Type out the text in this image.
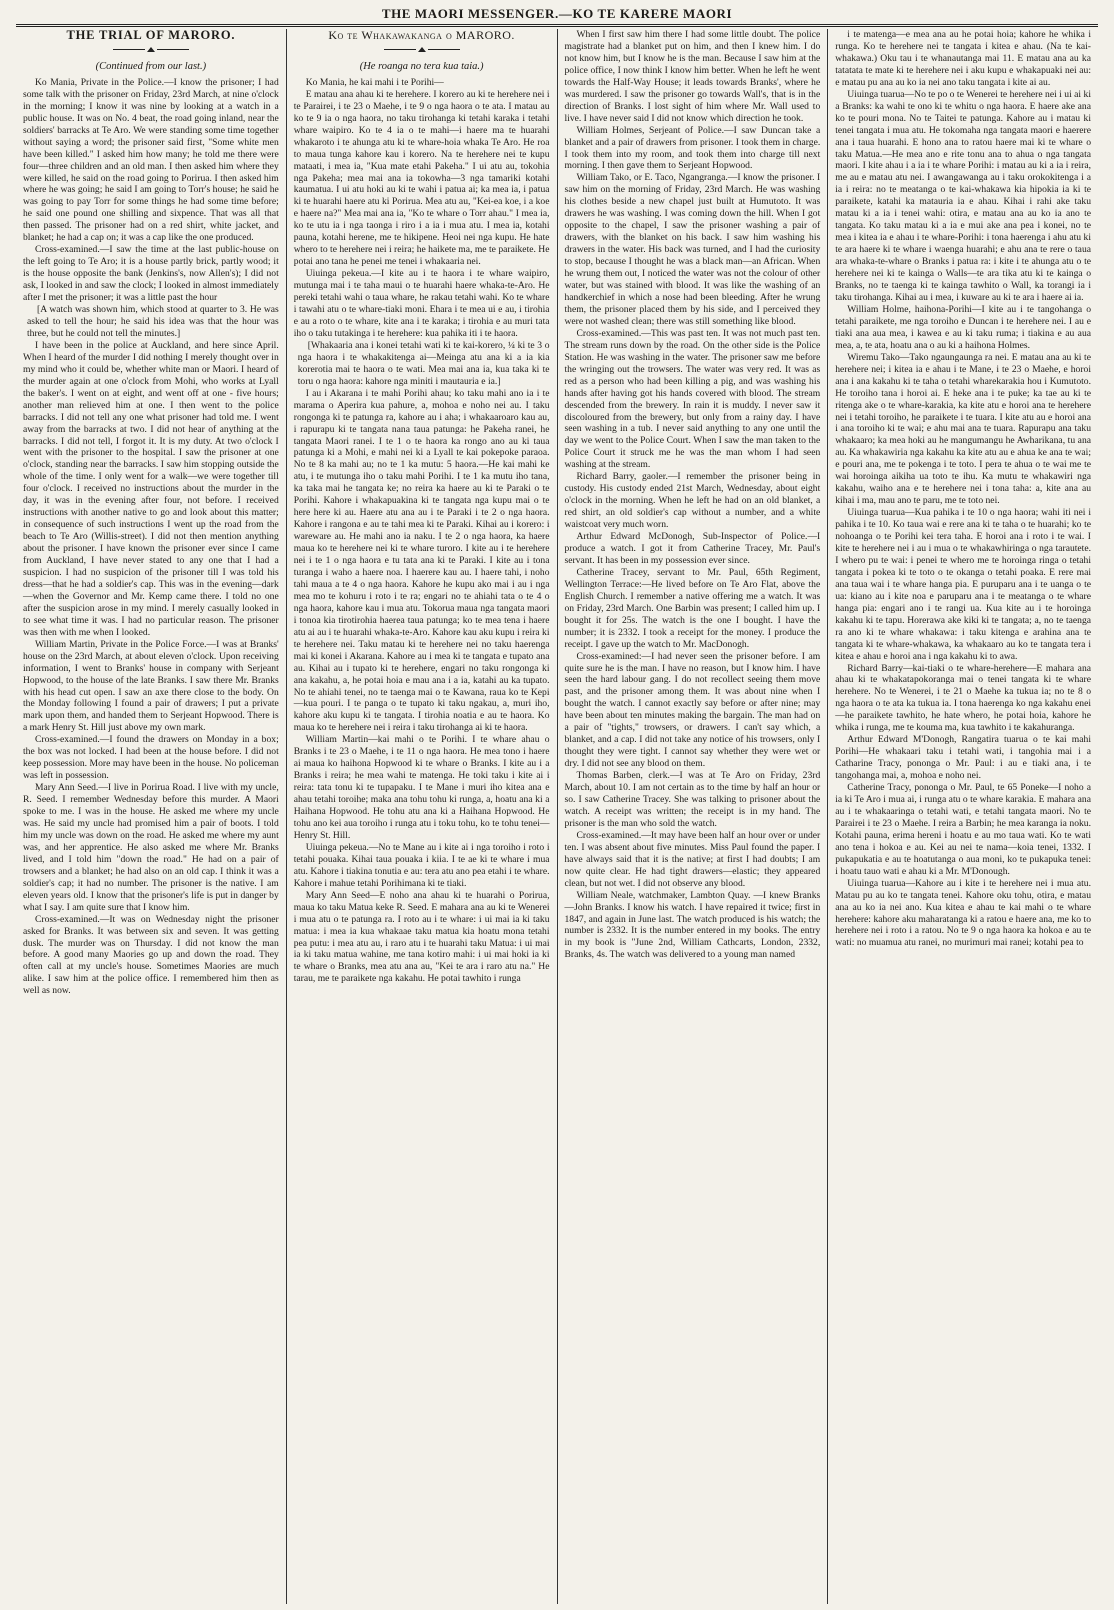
THE MAORI MESSENGER.—KO TE KARERE MAORI
THE TRIAL OF MARORO.
(Continued from our last.)

Ko Mania, Private in the Police.—I know the prisoner; I had some talk with the prisoner on Friday, 23rd March, at nine o'clock in the morning; I know it was nine by looking at a watch in a public house. It was on No. 4 beat, the road going inland, near the soldiers' barracks at Te Aro. We were standing some time together without saying a word; the prisoner said first, "Some white men have been killed." I asked him how many; he told me there were four—three children and an old man. I then asked him where they were killed, he said on the road going to Porirua. I then asked him where he was going; he said I am going to Torr's house; he said he was going to pay Torr for some things he had some time before; he said one pound one shilling and sixpence. That was all that then passed. The prisoner had on a red shirt, white jacket, and blanket; he had a cap on; it was a cap like the one produced.

Cross-examined.—I saw the time at the last public-house on the left going to Te Aro; it is a house partly brick, partly wood; it is the house opposite the bank (Jenkins's, now Allen's); I did not ask, I looked in and saw the clock; I looked in almost immediately after I met the prisoner; it was a little past the hour

[A watch was shown him, which stood at quarter to 3. He was asked to tell the hour; he said his idea was that the hour was three, but he could not tell the minutes.]

I have been in the police at Auckland, and here since April. When I heard of the murder I did nothing I merely thought over in my mind who it could be, whether white man or Maori. I heard of the murder again at one o'clock from Mohi, who works at Lyall the baker's. I went on at eight, and went off at one - five hours; another man relieved him at one. I then went to the police barracks. I did not tell any one what prisoner had told me. I went away from the barracks at two. I did not hear of anything at the barracks. I did not tell, I forgot it. It is my duty. At two o'clock I went with the prisoner to the hospital. I saw the prisoner at one o'clock, standing near the barracks. I saw him stopping outside the whole of the time. I only went for a walk—we were together till four o'clock. I received no instructions about the murder in the day, it was in the evening after four, not before. I received instructions with another native to go and look about this matter; in consequence of such instructions I went up the road from the beach to Te Aro (Willis-street). I did not then mention anything about the prisoner. I have known the prisoner ever since I came from Auckland, I have never stated to any one that I had a suspicion. I had no suspicion of the prisoner till I was told his dress—that he had a soldier's cap. This was in the evening—dark—when the Governor and Mr. Kemp came there. I told no one after the suspicion arose in my mind. I merely casually looked in to see what time it was. I had no particular reason. The prisoner was then with me when I looked.

William Martin, Private in the Police Force.—I was at Branks' house on the 23rd March, at about eleven o'clock. Upon receiving information, I went to Branks' house in company with Serjeant Hopwood, to the house of the late Branks. I saw there Mr. Branks with his head cut open. I saw an axe there close to the body. On the Monday following I found a pair of drawers; I put a private mark upon them, and handed them to Serjeant Hopwood. There is a mark Henry St. Hill just above my own mark.

Cross-examined.—I found the drawers on Monday in a box; the box was not locked. I had been at the house before. I did not keep possession. More may have been in the house. No policeman was left in possession.

Mary Ann Seed.—I live in Porirua Road. I live with my uncle, R. Seed. I remember Wednesday before this murder. A Maori spoke to me. I was in the house. He asked me where my uncle was. He said my uncle had promised him a pair of boots. I told him my uncle was down on the road. He asked me where my aunt was, and her apprentice. He also asked me where Mr. Branks lived, and I told him "down the road." He had on a pair of trowsers and a blanket; he had also on an old cap. I think it was a soldier's cap; it had no number. The prisoner is the native. I am eleven years old. I know that the prisoner's life is put in danger by what I say. I am quite sure that I know him.

Cross-examined.—It was on Wednesday night the prisoner asked for Branks. It was between six and seven. It was getting dusk. The murder was on Thursday. I did not know the man before. A good many Maories go up and down the road. They often call at my uncle's house. Sometimes Maories are much alike. I saw him at the police office. I remembered him then as well as now.

Ko te Whakawakanga o MARORO.
(He roanga no tera kua taia.)

Ko Mania, he kai mahi i te Porihi—

E matau ana ahau ki te herehere. I korero au ki te herehere nei i te Parairei, i te 23 o Maehe, i te 9 o nga haora o te ata. I matau au ko te 9 ia o nga haora, no taku tirohanga ki tetahi karaka i tetahi whare waipiro. Ko te 4 ia o te mahi—i haere ma te huarahi whakaroto i te ahunga atu ki te whare-hoia whaka Te Aro. He roa to maua tunga kahore kau i korero. Na te herehere nei te kupu mataati, i mea ia, "Kua mate etahi Pakeha." I ui atu au, tokohia nga Pakeha; mea mai ana ia tokowha—3 nga tamariki kotahi kaumatua. I ui atu hoki au ki te wahi i patua ai; ka mea ia, i patua ki te huarahi haere atu ki Porirua. Mea atu au, "Kei-ea koe, i a koe e haere na?" Mea mai ana ia, "Ko te whare o Torr ahau." I mea ia, ko te utu ia i nga taonga i riro i a ia i mua atu. I mea ia, kotahi pauna, kotahi herene, me te hikipene. Heoi nei nga kupu. He hate whero to te herehere nei i reira; he haikete ma, me te paraikete. He potai ano tana he penei me tenei i whakaaria nei.

Uiuinga pekeua.—I kite au i te haora i te whare waipiro, mutunga mai i te taha maui o te huarahi haere whaka-te-Aro. He pereki tetahi wahi o taua whare, he rakau tetahi wahi. Ko te whare i tawahi atu o te whare-tiaki moni. Ehara i te mea ui e au, i tirohia e au a roto o te whare, kite ana i te karaka; i tirohia e au muri tata iho o taku tutakinga i te herehere: kua pahika iti i te haora.

[Whakaaria ana i konei tetahi wati ki te kai-korero, ¼ ki te 3 o nga haora i te whakakitenga ai—Meinga atu ana ki a ia kia korerotia mai te haora o te wati. Mea mai ana ia, kua taka ki te toru o nga haora: kahore nga miniti i mautauria e ia.]

I au i Akarana i te mahi Porihi ahau; ko taku mahi ano ia i te marama o Aperira kua pahure, a, mohoa e noho nei au. I taku rongonga ki te patunga ra, kahore au i aha; i whakaaroaro kau au, i rapurapu ki te tangata nana taua patunga: he Pakeha ranei, he tangata Maori ranei. I te 1 o te haora ka rongo ano au ki taua patunga ki a Mohi, e mahi nei ki a Lyall te kai pokepoke paraoa. No te 8 ka mahi au; no te 1 ka mutu: 5 haora.—He kai mahi ke atu, i te mutunga iho o taku mahi Porihi. I te 1 ka mutu iho tana, ka taka mai he tangata ke; no reira ka haere au ki te Paraki o te Porihi. Kahore i whakapuakina ki te tangata nga kupu mai o te here here ki au. Haere atu ana au i te Paraki i te 2 o nga haora. Kahore i rangona e au te tahi mea ki te Paraki. Kihai au i korero: i wareware au. He mahi ano ia naku. I te 2 o nga haora, ka haere maua ko te herehere nei ki te whare turoro. I kite au i te herehere nei i te 1 o nga haora e tu tata ana ki te Paraki. I kite au i tona turanga i waho a haere noa. I haerere kau au. I haere tahi, i noho tahi maua a te 4 o nga haora. Kahore he kupu ako mai i au i nga mea mo te kohuru i roto i te ra; engari no te ahiahi tata o te 4 o nga haora, kahore kau i mua atu. Tokorua maua nga tangata maori i tonoa kia tirotirohia haerea taua patunga; ko te mea tena i haere atu ai au i te huarahi whaka-te-Aro. Kahore kau aku kupu i reira ki te herehere nei. Taku matau ki te herehere nei no taku haerenga mai ki konei i Akarana. Kahore au i mea ki te tangata e tupato ana au. Kihai au i tupato ki te herehere, engari no taku rongonga ki ana kakahu, a, he potai hoia e mau ana i a ia, katahi au ka tupato. No te ahiahi tenei, no te taenga mai o te Kawana, raua ko te Kepi—kua pouri. I te panga o te tupato ki taku ngakau, a, muri iho, kahore aku kupu ki te tangata. I tirohia noatia e au te haora. Ko maua ko te herehere nei i reira i taku tirohanga ai ki te haora.

William Martin—kai mahi o te Porihi. I te whare ahau o Branks i te 23 o Maehe, i te 11 o nga haora. He mea tono i haere ai maua ko haihona Hopwood ki te whare o Branks. I kite au i a Branks i reira; he mea wahi te matenga. He toki taku i kite ai i reira: tata tonu ki te tupapaku. I te Mane i muri iho kitea ana e ahau tetahi toroihe; maka ana tohu tohu ki runga, a, hoatu ana ki a Haihana Hopwood. He tohu atu ana ki a Haihana Hopwood. He tohu ano kei aua toroiho i runga atu i toku tohu, ko te tohu tenei—Henry St. Hill.

Uiuinga pekeua.—No te Mane au i kite ai i nga toroiho i roto i tetahi pouaka. Kihai taua pouaka i kiia. I te ae ki te whare i mua atu. Kahore i tiakina tonutia e au: tera atu ano pea etahi i te whare. Kahore i mahue tetahi Porihimana ki te tiaki.

Mary Ann Seed—E noho ana ahau ki te huarahi o Porirua, maua ko taku Matua keke R. Seed. E mahara ana au ki te Wenerei i mua atu o te patunga ra. I roto au i te whare: i ui mai ia ki taku matua: i mea ia kua whakaae taku matua kia hoatu mona tetahi pea putu: i mea atu au, i raro atu i te huarahi taku Matua: i ui mai ia ki taku matua wahine, me tana kotiro mahi: i ui mai hoki ia ki te whare o Branks, mea atu ana au, "Kei te ara i raro atu na." He tarau, me te paraikete nga kakahu. He potai tawhito i runga

When I first saw him there I had some little doubt. The police magistrate had a blanket put on him, and then I knew him. I do not know him, but I know he is the man. Because I saw him at the police office, I now think I know him better. When he left he went towards the Half-Way House; it leads towards Branks', where he was murdered. I saw the prisoner go towards Wall's, that is in the direction of Branks. I lost sight of him where Mr. Wall used to live. I have never said I did not know which direction he took.

William Holmes, Serjeant of Police.—I saw Duncan take a blanket and a pair of drawers from prisoner. I took them in charge. I took them into my room, and took them into charge till next morning. I then gave them to Serjeant Hopwood.

William Tako, or E. Taco, Ngangranga.—I know the prisoner. I saw him on the morning of Friday, 23rd March. He was washing his clothes beside a new chapel just built at Humutoto. It was drawers he was washing. I was coming down the hill. When I got opposite to the chapel, I saw the prisoner washing a pair of drawers, with the blanket on his back. I saw him washing his drawers in the water. His back was turned, and I had the curiosity to stop, because I thought he was a black man—an African. When he wrung them out, I noticed the water was not the colour of other water, but was stained with blood. It was like the washing of an handkerchief in which a nose had been bleeding. After he wrung them, the prisoner placed them by his side, and I perceived they were not washed clean; there was still something like blood.

Cross-examined.—This was past ten. It was not much past ten. The stream runs down by the road. On the other side is the Police Station. He was washing in the water. The prisoner saw me before the wringing out the trowsers. The water was very red. It was as red as a person who had been killing a pig, and was washing his hands after having got his hands covered with blood. The stream descended from the brewery. In rain it is muddy. I never saw it discoloured from the brewery, but only from a rainy day. I have seen washing in a tub. I never said anything to any one until the day we went to the Police Court. When I saw the man taken to the Police Court it struck me he was the man whom I had seen washing at the stream.

Richard Barry, gaoler.—I remember the prisoner being in custody. His custody ended 21st March, Wednesday, about eight o'clock in the morning. When he left he had on an old blanket, a red shirt, an old soldier's cap without a number, and a white waistcoat very much worn.

Arthur Edward McDonogh, Sub-Inspector of Police.—I produce a watch. I got it from Catherine Tracey, Mr. Paul's servant. It has been in my possession ever since.

Catherine Tracey, servant to Mr. Paul, 65th Regiment, Wellington Terrace:—He lived before on Te Aro Flat, above the English Church. I remember a native offering me a watch. It was on Friday, 23rd March. One Barbin was present; I called him up. I bought it for 25s. The watch is the one I bought. I have the number; it is 2332. I took a receipt for the money. I produce the receipt. I gave up the watch to Mr. MacDonogh.

Cross-examined:—I had never seen the prisoner before. I am quite sure he is the man. I have no reason, but I know him. I have seen the hard labour gang. I do not recollect seeing them move past, and the prisoner among them. It was about nine when I bought the watch. I cannot exactly say before or after nine; may have been about ten minutes making the bargain. The man had on a pair of "tights," trowsers, or drawers. I can't say which, a blanket, and a cap. I did not take any notice of his trowsers, only I thought they were tight. I cannot say whether they were wet or dry. I did not see any blood on them.

Thomas Barben, clerk.—I was at Te Aro on Friday, 23rd March, about 10. I am not certain as to the time by half an hour or so. I saw Catherine Tracey. She was talking to prisoner about the watch. A receipt was written; the receipt is in my hand. The prisoner is the man who sold the watch.

Cross-examined.—It may have been half an hour over or under ten. I was absent about five minutes. Miss Paul found the paper. I have always said that it is the native; at first I had doubts; I am now quite clear. He had tight drawers—elastic; they appeared clean, but not wet. I did not observe any blood.

William Neale, watchmaker, Lambton Quay. —I knew Branks—John Branks. I know his watch. I have repaired it twice; first in 1847, and again in June last. The watch produced is his watch; the number is 2332. It is the number entered in my books. The entry in my book is "June 2nd, William Cathcarts, London, 2332, Branks, 4s. The watch was delivered to a young man named

i te matenga—e mea ana au he potai hoia; kahore he whika i runga. Ko te herehere nei te tangata i kitea e ahau. (Na te kai-whakawa.) Oku tau i te whanautanga mai 11. E matau ana au ka tatatata te mate ki te herehere nei i aku kupu e whakapuaki nei au: e matau pu ana au ko ia nei ano taku tangata i kite ai au.

Uiuinga tuarua—No te po o te Wenerei te herehere nei i ui ai ki a Branks: ka wahi te ono ki te whitu o nga haora. E haere ake ana ko te pouri mona. No te Taitei te patunga. Kahore au i matau ki tenei tangata i mua atu. He tokomaha nga tangata maori e haerere ana i taua huarahi. E hono ana to ratou haere mai ki te whare o taku Matua.—He mea ano e rite tonu ana to ahua o nga tangata maori. I kite ahau i a ia i te whare Porihi: i matau au ki a ia i reira, me au e matau atu nei. I awangawanga au i taku orokokitenga i a ia i reira: no te meatanga o te kai-whakawa kia hipokia ia ki te paraikete, katahi ka matauria ia e ahau. Kihai i rahi ake taku matau ki a ia i tenei wahi: otira, e matau ana au ko ia ano te tangata. Ko taku matau ki a ia e mui ake ana pea i konei, no te mea i kitea ia e ahau i te whare-Porihi: i tona haerenga i ahu atu ki te ara haere ki te whare i waenga huarahi; e ahu ana te rere o taua ara whaka-te-whare o Branks i patua ra: i kite i te ahunga atu o te herehere nei ki te kainga o Walls—te ara tika atu ki te kainga o Branks, no te taenga ki te kainga tawhito o Wall, ka torangi ia i taku tirohanga. Kihai au i mea, i kuware au ki te ara i haere ai ia.

William Holme, haihona-Porihi—I kite au i te tangohanga o tetahi paraikete, me nga toroiho e Duncan i te herehere nei. I au e tiaki ana aua mea, i kawea e au ki taku ruma; i tiakina e au aua mea, a, te ata, hoatu ana o au ki a haihona Holmes.

Wiremu Tako—Tako ngaungaunga ra nei. E matau ana au ki te herehere nei; i kitea ia e ahau i te Mane, i te 23 o Maehe, e horoi ana i ana kakahu ki te taha o tetahi wharekarakia hou i Kumutoto. He toroiho tana i horoi ai. E heke ana i te puke; ka tae au ki te ritenga ake o te whare-karakia, ka kite atu e horoi ana te herehere nei i tetahi toroiho, he paraikete i te tuara. I kite atu au e horoi ana i ana toroiho ki te wai; e ahu mai ana te tuara. Rapurapu ana taku whakaaro; ka mea hoki au he mangumangu he Awharikana, tu ana au. Ka whakawiria nga kakahu ka kite atu au e ahua ke ana te wai; e pouri ana, me te pokenga i te toto. I pera te ahua o te wai me te wai horoinga aikiha ua toto te ihu. Ka mutu te whakawiri nga kakahu, waiho ana e te herehere nei i tona taha: a, kite ana au kihai i ma, mau ano te paru, me te toto nei.

Uiuinga tuarua—Kua pahika i te 10 o nga haora; wahi iti nei i pahika i te 10. Ko taua wai e rere ana ki te taha o te huarahi; ko te nohoanga o te Porihi kei tera taha. E horoi ana i roto i te wai. I kite te herehere nei i au i mua o te whakawhiringa o nga tarautete. I whero pu te wai: i penei te whero me te horoinga ringa o tetahi tangata i pokea ki te toto o te okanga o tetahi poaka. E rere mai ana taua wai i te whare hanga pia. E puruparu ana i te uanga o te ua: kiano au i kite noa e paruparu ana i te meatanga o te whare hanga pia: engari ano i te rangi ua. Kua kite au i te horoinga kakahu ki te tapu. Horerawa ake kiki ki te tangata; a, no te taenga ra ano ki te whare whakawa: i taku kitenga e arahina ana te tangata ki te whare-whakawa, ka whakaaro au ko te tangata tera i kitea e ahau e horoi ana i nga kakahu ki to awa.

Richard Barry—kai-tiaki o te whare-herehere—E mahara ana ahau ki te whakatapokoranga mai o tenei tangata ki te whare herehere. No te Wenerei, i te 21 o Maehe ka tukua ia; no te 8 o nga haora o te ata ka tukua ia. I tona haerenga ko nga kakahu enei—he paraikete tawhito, he hate whero, he potai hoia, kahore he whika i runga, me te kouma ma, kua tawhito i te kakahuranga.

Arthur Edward M'Donogh, Rangatira tuarua o te kai mahi Porihi—He whakaari taku i tetahi wati, i tangohia mai i a Catharine Tracy, pononga o Mr. Paul: i au e tiaki ana, i te tangohanga mai, a, mohoa e noho nei.

Catherine Tracy, pononga o Mr. Paul, te 65 Poneke—I noho a ia ki Te Aro i mua ai, i runga atu o te whare karakia. E mahara ana au i te whakaaringa o tetahi wati, e tetahi tangata maori. No te Parairei i te 23 o Maehe. I reira a Barbin; he mea karanga ia noku. Kotahi pauna, erima hereni i hoatu e au mo taua wati. Ko te wati ano tena i hokoa e au. Kei au nei te nama—koia tenei, 1332. I pukapukatia e au te hoatutanga o aua moni, ko te pukapuka tenei: i hoatu tauo wati e ahau ki a Mr. M'Donough.

Uiuinga tuarua—Kahore au i kite i te herehere nei i mua atu. Matau pu au ko te tangata tenei. Kahore oku tohu, otira, e matau ana au ko ia nei ano. Kua kitea e ahau te kai mahi o te whare herehere: kahore aku maharatanga ki a ratou e haere ana, me ko to herehere nei i roto i a ratou. No te 9 o nga haora ka hokoa e au te wati: no muamua atu ranei, no murimuri mai ranei; kotahi pea to
